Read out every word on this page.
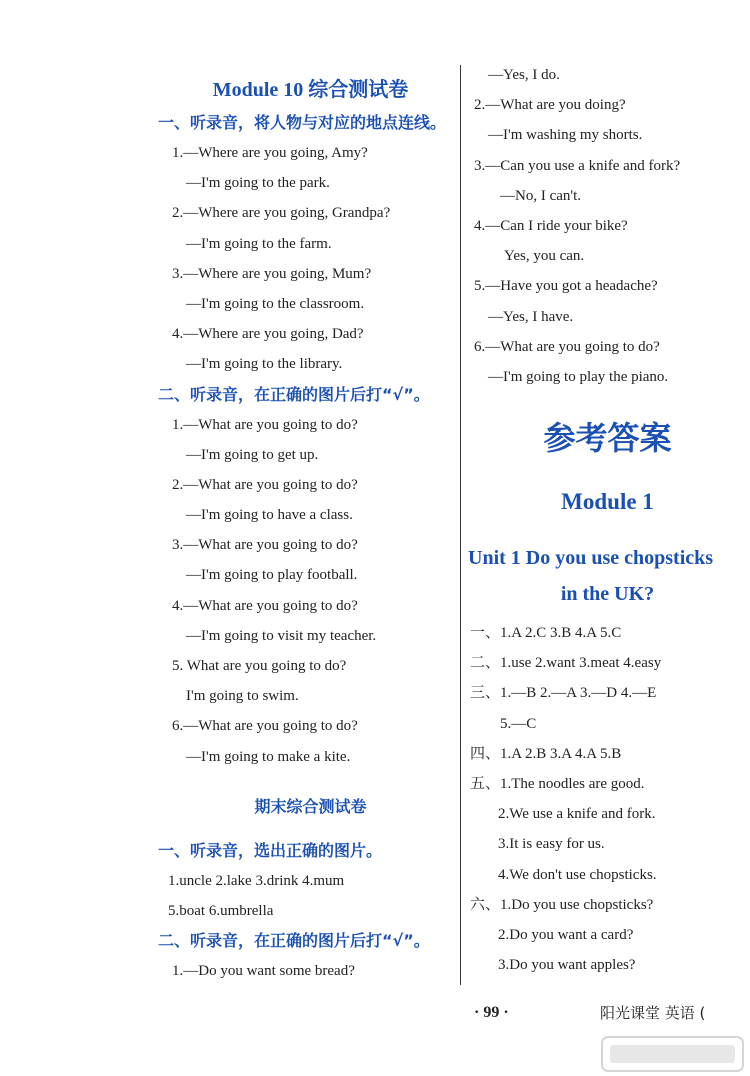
Module 10 综合测试卷
一、听录音，将人物与对应的地点连线。
1.—Where are you going, Amy?
—I'm going to the park.
2.—Where are you going, Grandpa?
—I'm going to the farm.
3.—Where are you going, Mum?
—I'm going to the classroom.
4.—Where are you going, Dad?
—I'm going to the library.
二、听录音，在正确的图片后打“√”。
1.—What are you going to do?
—I'm going to get up.
2.—What are you going to do?
—I'm going to have a class.
3.—What are you going to do?
—I'm going to play football.
4.—What are you going to do?
—I'm going to visit my teacher.
5. What are you going to do?
I'm going to swim.
6.—What are you going to do?
—I'm going to make a kite.
期末综合测试卷
一、听录音，选出正确的图片。
1.uncle 2.lake 3.drink 4.mum
5.boat 6.umbrella
二、听录音，在正确的图片后打“√”。
1.—Do you want some bread?
—Yes, I do.
2.—What are you doing?
—I'm washing my shorts.
3.—Can you use a knife and fork?
—No, I can't.
4.—Can I ride your bike?
Yes, you can.
5.—Have you got a headache?
—Yes, I have.
6.—What are you going to do?
—I'm going to play the piano.
参考答案
Module 1
Unit 1 Do you use chopsticks
in the UK?
一、1.A 2.C 3.B 4.A 5.C
二、1.use 2.want 3.meat 4.easy
三、1.—B 2.—A 3.—D 4.—E
5.—C
四、1.A 2.B 3.A 4.A 5.B
五、1.The noodles are good.
2.We use a knife and fork.
3.It is easy for us.
4.We don't use chopsticks.
六、1.Do you use chopsticks?
2.Do you want a card?
3.Do you want apples?
· 99 ·	阳光课堂 英语 (
